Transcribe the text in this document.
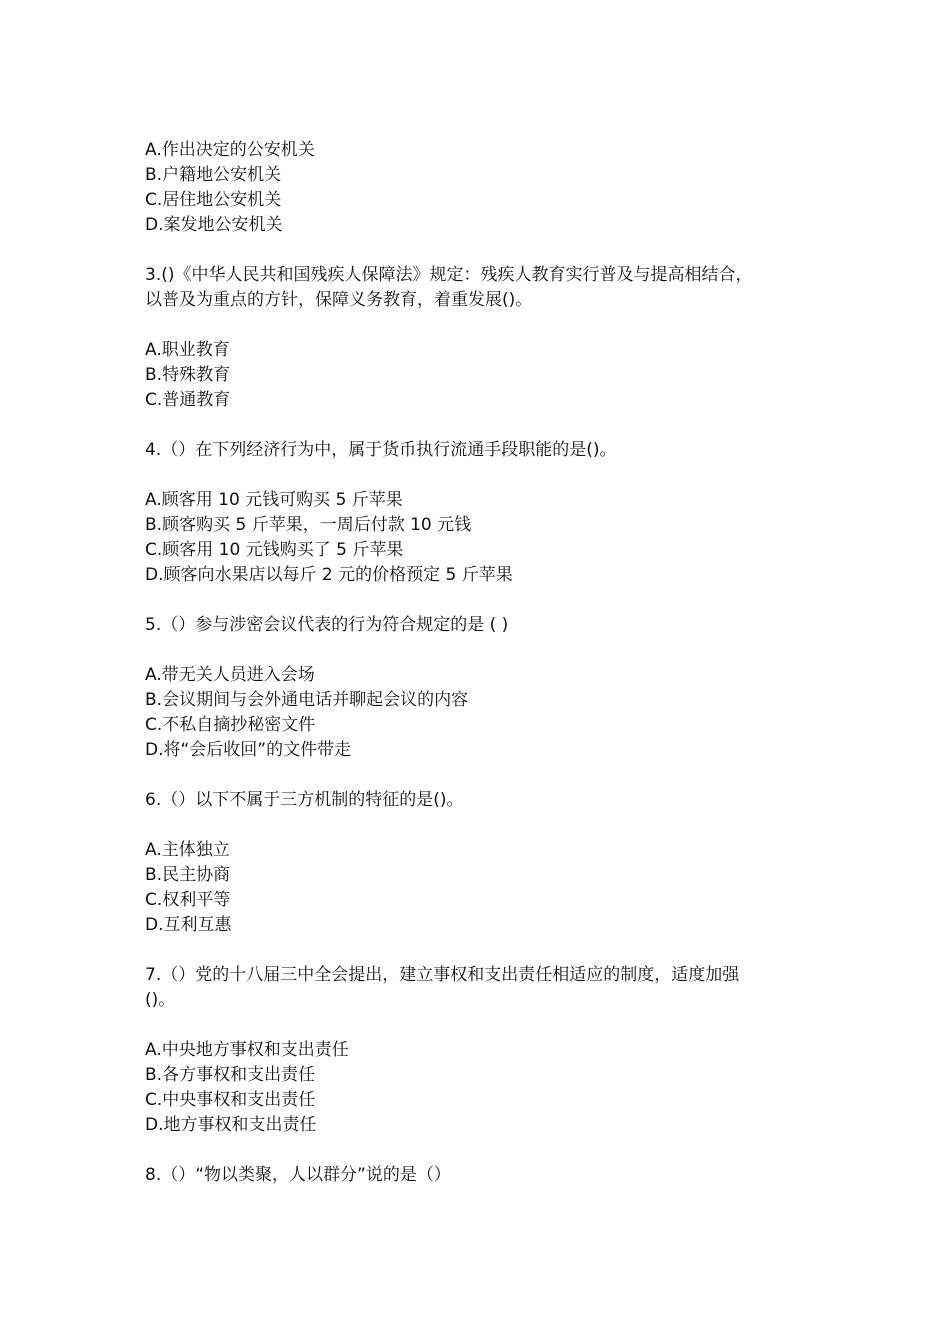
A.作出决定的公安机关
B.户籍地公安机关
C.居住地公安机关
D.案发地公安机关
3.()《中华人民共和国残疾人保障法》规定：残疾人教育实行普及与提高相结合，
以普及为重点的方针，保障义务教育，着重发展()。
A.职业教育
B.特殊教育
C.普通教育
4.（）在下列经济行为中，属于货币执行流通手段职能的是()。
A.顾客用 10 元钱可购买 5 斤苹果
B.顾客购买 5 斤苹果，一周后付款 10 元钱
C.顾客用 10 元钱购买了 5 斤苹果
D.顾客向水果店以每斤 2 元的价格预定 5 斤苹果
5.（）参与涉密会议代表的行为符合规定的是 ( )
A.带无关人员进入会场
B.会议期间与会外通电话并聊起会议的内容
C.不私自摘抄秘密文件
D.将“会后收回”的文件带走
6.（）以下不属于三方机制的特征的是()。
A.主体独立
B.民主协商
C.权利平等
D.互利互惠
7.（）党的十八届三中全会提出，建立事权和支出责任相适应的制度，适度加强
()。
A.中央地方事权和支出责任
B.各方事权和支出责任
C.中央事权和支出责任
D.地方事权和支出责任
8.（）“物以类聚，人以群分”说的是（）
